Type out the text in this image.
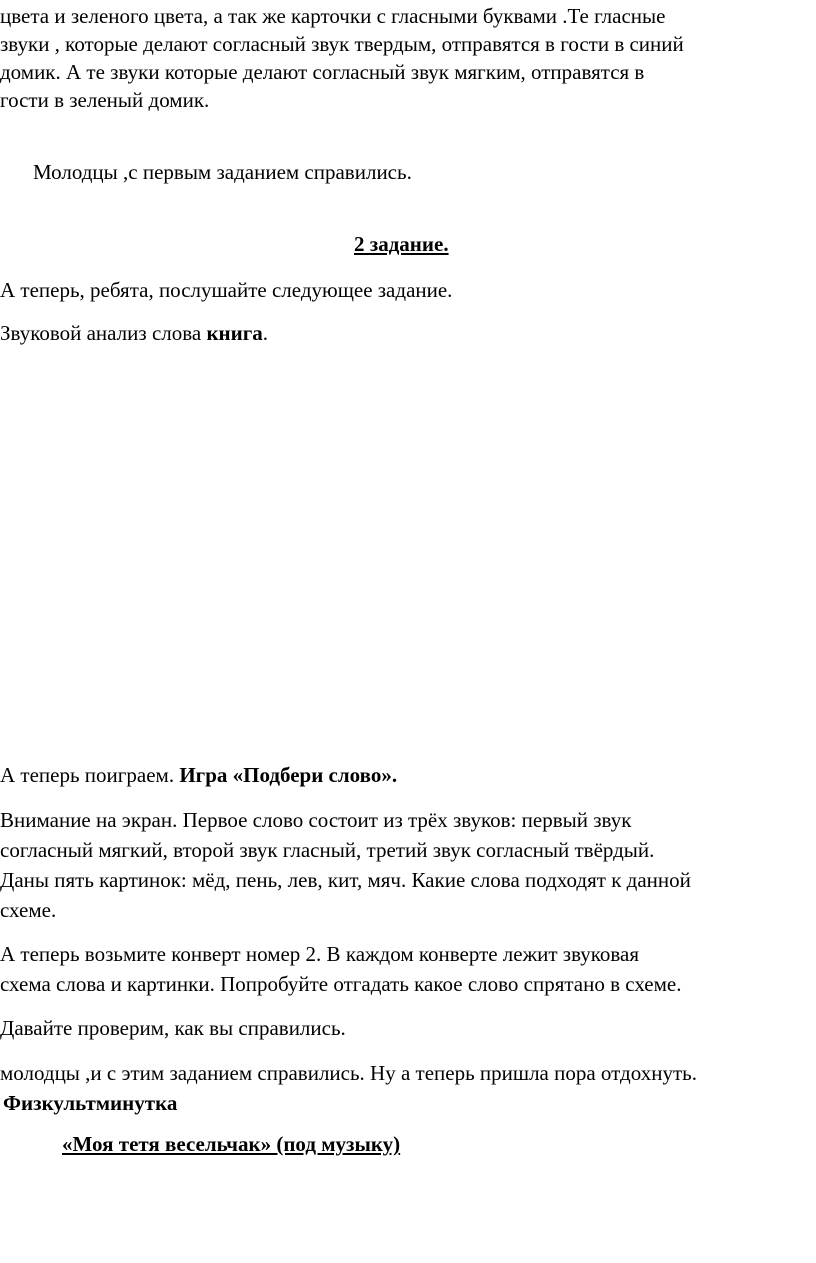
цвета и зеленого цвета, а так же карточки с гласными буквами .Те гласные
звуки , которые делают согласный звук твердым, отправятся в гости в синий
домик. А те звуки которые делают согласный звук мягким, отправятся в
гости в зеленый домик.
Молодцы ,с первым заданием справились.
2 задание.
А теперь, ребята, послушайте следующее задание.
Звуковой анализ слова книга.
А теперь поиграем. Игра «Подбери слово».
Внимание на экран. Первое слово состоит из трёх звуков: первый звук
согласный мягкий, второй звук гласный, третий звук согласный твёрдый.
Даны пять картинок: мёд, пень, лев, кит, мяч. Какие слова подходят к данной
схеме.
А теперь возьмите конверт номер 2. В каждом конверте лежит звуковая
схема слова и картинки. Попробуйте отгадать какое слово спрятано в схеме.
Давайте проверим, как вы справились.
молодцы ,и с этим заданием справились. Ну а теперь пришла пора отдохнуть.
Физкультминутка
«Моя тетя весельчак» (под музыку)
